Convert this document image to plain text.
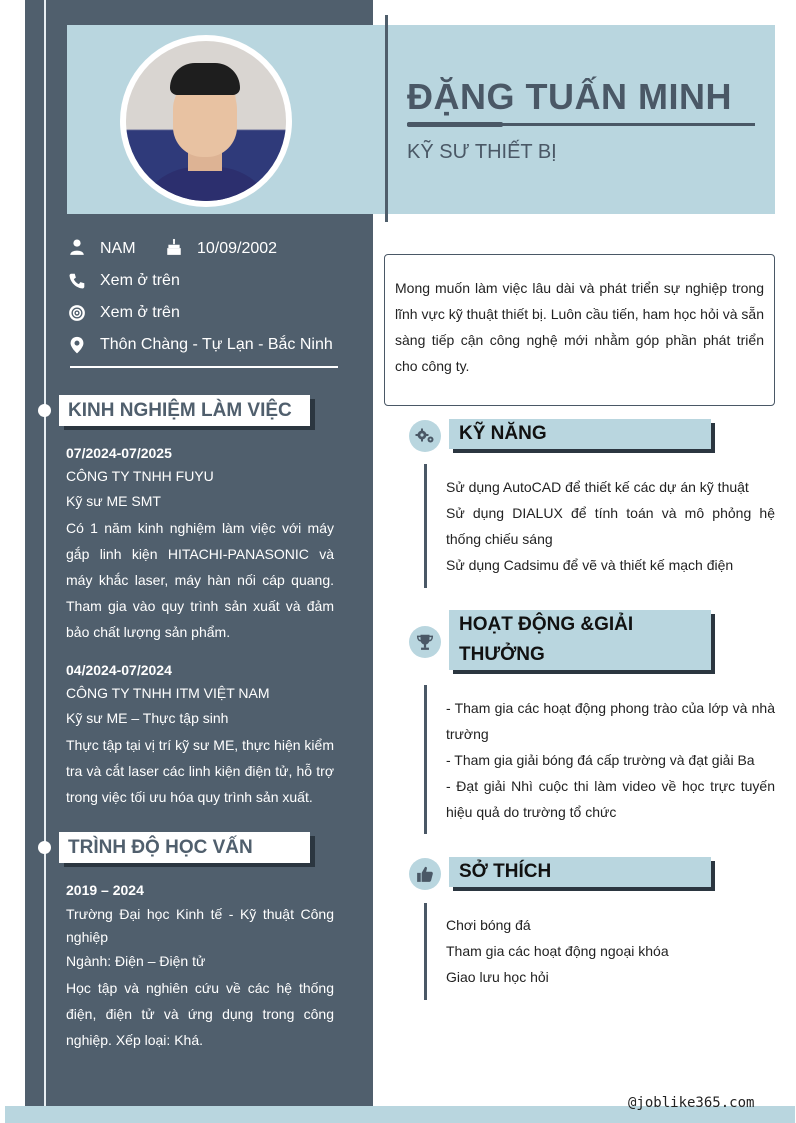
ĐẶNG TUẤN MINH
KỸ SƯ THIẾT BỊ
NAM	10/09/2002
Xem ở trên
Xem ở trên
Thôn Chàng - Tự Lạn - Bắc Ninh
KINH NGHIỆM LÀM VIỆC
07/2024-07/2025
CÔNG TY TNHH FUYU
Kỹ sư ME SMT
Có 1 năm kinh nghiệm làm việc với máy gắp linh kiện HITACHI-PANASONIC và máy khắc laser, máy hàn nối cáp quang. Tham gia vào quy trình sản xuất và đảm bảo chất lượng sản phẩm.
04/2024-07/2024
CÔNG TY TNHH ITM VIỆT NAM
Kỹ sư ME – Thực tập sinh
Thực tập tại vị trí kỹ sư ME, thực hiện kiểm tra và cắt laser các linh kiện điện tử, hỗ trợ trong việc tối ưu hóa quy trình sản xuất.
TRÌNH ĐỘ HỌC VẤN
2019 – 2024
Trường Đại học Kinh tế - Kỹ thuật Công nghiệp
Ngành: Điện – Điện tử
Học tập và nghiên cứu về các hệ thống điện, điện tử và ứng dụng trong công nghiệp. Xếp loại: Khá.
Mong muốn làm việc lâu dài và phát triển sự nghiệp trong lĩnh vực kỹ thuật thiết bị. Luôn cầu tiến, ham học hỏi và sẵn sàng tiếp cận công nghệ mới nhằm góp phần phát triển cho công ty.
KỸ NĂNG
Sử dụng AutoCAD để thiết kế các dự án kỹ thuật
Sử dụng DIALUX để tính toán và mô phỏng hệ thống chiếu sáng
Sử dụng Cadsimu để vẽ và thiết kế mạch điện
HOẠT ĐỘNG &GIẢI
THƯỞNG
- Tham gia các hoạt động phong trào của lớp và nhà trường
- Tham gia giải bóng đá cấp trường và đạt giải Ba
- Đạt giải Nhì cuộc thi làm video về học trực tuyến hiệu quả do trường tổ chức
SỞ THÍCH
Chơi bóng đá
Tham gia các hoạt động ngoại khóa
Giao lưu học hỏi
@joblike365.com
